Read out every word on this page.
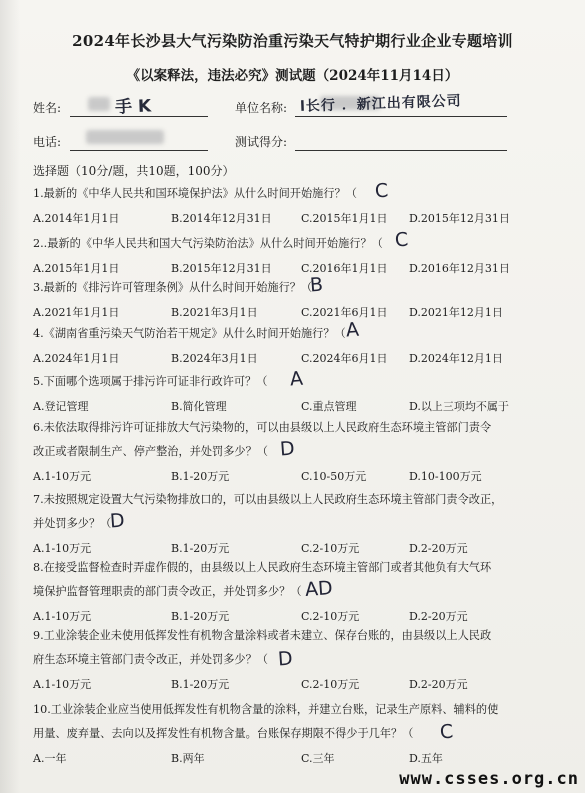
2024年长沙县大气污染防治重污染天气特护期行业企业专题培训
《以案释法，违法必究》测试题（2024年11月14日）
姓名:	手 K	单位名称: l长行 ．新江出有限公司
电话:	测试得分:
选择题（10分/题，共10题，100分）
1.最新的《中华人民共和国环境保护法》从什么时间开始施行？（
A.2014年1月1日	B.2014年12月31日	C.2015年1月1日 D.2015年12月31日
C
2..最新的《中华人民共和国大气污染防治法》从什么时间开始施行？（
A.2015年1月1日	B.2015年12月31日	C.2016年1月1日 D.2016年12月31日
C
3.最新的《排污许可管理条例》从什么时间开始施行？（
A.2021年1月1日	B.2021年3月1日	C.2021年6月1日 D.2021年12月1日
B
4.《湖南省重污染天气防治若干规定》从什么时间开始施行？（
A.2024年1月1日	B.2024年3月1日	C.2024年6月1日 D.2024年12月1日
A
5.下面哪个选项属于排污许可证非行政许可？（
A.登记管理	B.简化管理	C.重点管理	D.以上三项均不属于
A
6.未依法取得排污许可证排放大气污染物的，可以由县级以上人民政府生态环境主管部门责令
改正或者限制生产、停产整治，并处罚多少？（
A.1-10万元	B.1-20万元	C.10-50万元	D.10-100万元
D
7.未按照规定设置大气污染物排放口的，可以由县级以上人民政府生态环境主管部门责令改正，
并处罚多少？（
A.1-10万元	B.1-20万元	C.2-10万元	D.2-20万元
D
8.在接受监督检查时弄虚作假的，由县级以上人民政府生态环境主管部门或者其他负有大气环
境保护监督管理职责的部门责令改正，并处罚多少？（
A.1-10万元	B.1-20万元	C.2-10万元	D.2-20万元
AD
9.工业涂装企业未使用低挥发性有机物含量涂料或者未建立、保存台账的，由县级以上人民政
府生态环境主管部门责令改正，并处罚多少？（
A.1-10万元	B.1-20万元	C.2-10万元	D.2-20万元
D
10.工业涂装企业应当使用低挥发性有机物含量的涂料，并建立台账，记录生产原料、辅料的使
用量、废弃量、去向以及挥发性有机物含量。台账保存期限不得少于几年？（
A.一年	B.两年	C.三年	D.五年
C
www.csses.org.cn
